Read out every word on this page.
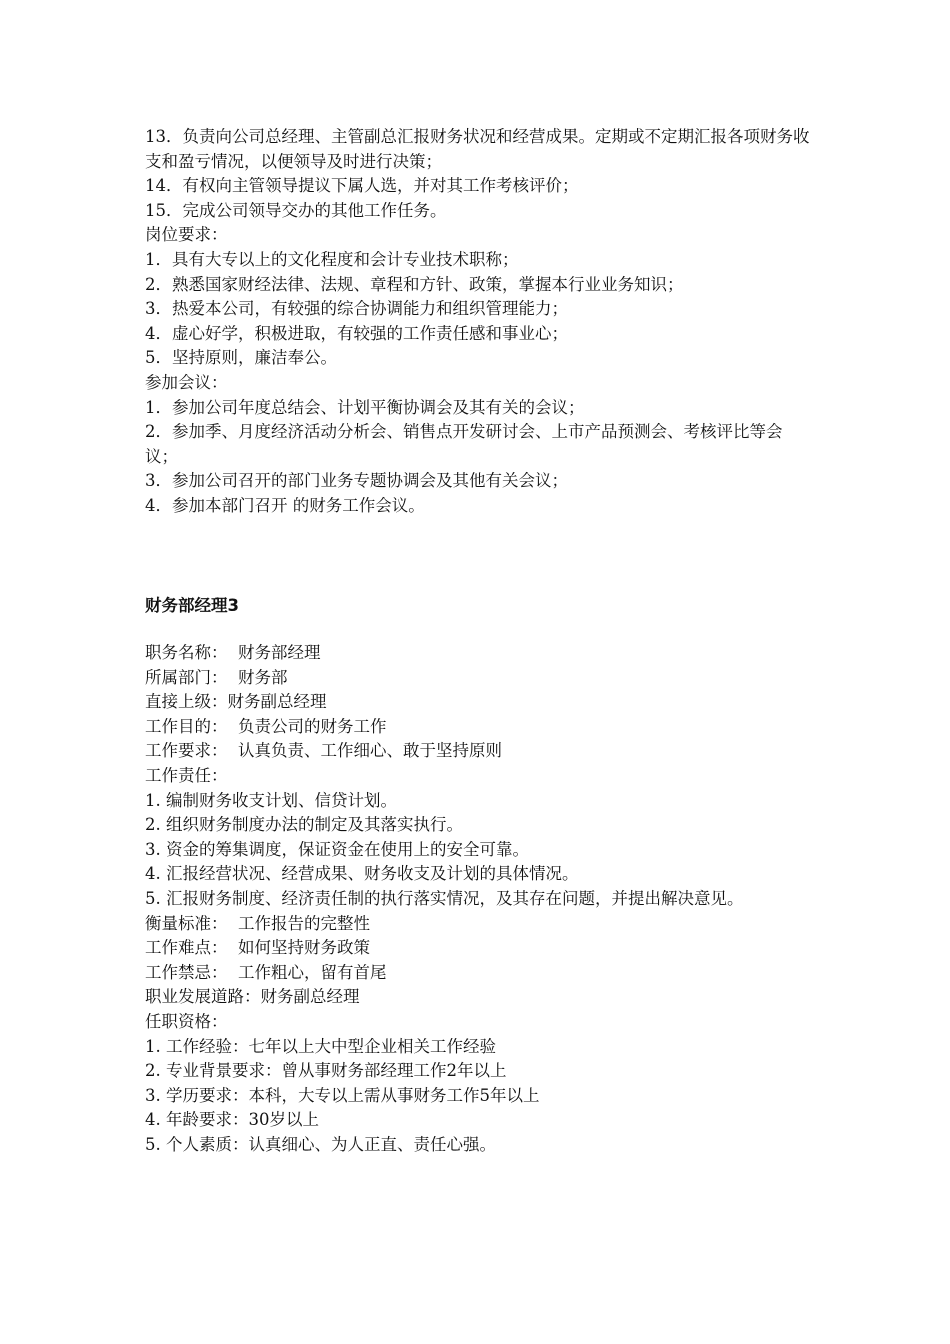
13．负责向公司总经理、主管副总汇报财务状况和经营成果。定期或不定期汇报各项财务收支和盈亏情况，以便领导及时进行决策；

14．有权向主管领导提议下属人选，并对其工作考核评价；

15．完成公司领导交办的其他工作任务。

岗位要求：

1．具有大专以上的文化程度和会计专业技术职称；

2．熟悉国家财经法律、法规、章程和方针、政策，掌握本行业业务知识；

3．热爱本公司，有较强的综合协调能力和组织管理能力；

4．虚心好学，积极进取，有较强的工作责任感和事业心；

5．坚持原则，廉洁奉公。

参加会议：

1．参加公司年度总结会、计划平衡协调会及其有关的会议；

2．参加季、月度经济活动分析会、销售点开发研讨会、上市产品预测会、考核评比等会议；

3．参加公司召开的部门业务专题协调会及其他有关会议；

4．参加本部门召开 的财务工作会议。

财务部经理3

职务名称：  财务部经理

所属部门：  财务部

直接上级：财务副总经理

工作目的：  负责公司的财务工作

工作要求：  认真负责、工作细心、敢于坚持原则

工作责任：

1. 编制财务收支计划、信贷计划。

2. 组织财务制度办法的制定及其落实执行。

3. 资金的筹集调度，保证资金在使用上的安全可靠。

4. 汇报经营状况、经营成果、财务收支及计划的具体情况。

5. 汇报财务制度、经济责任制的执行落实情况，及其存在问题，并提出解决意见。

衡量标准：  工作报告的完整性

工作难点：  如何坚持财务政策

工作禁忌：  工作粗心，留有首尾

职业发展道路：财务副总经理

任职资格：

1. 工作经验：七年以上大中型企业相关工作经验

2. 专业背景要求：曾从事财务部经理工作2年以上

3. 学历要求：本科，大专以上需从事财务工作5年以上

4. 年龄要求：30岁以上

5. 个人素质：认真细心、为人正直、责任心强。
